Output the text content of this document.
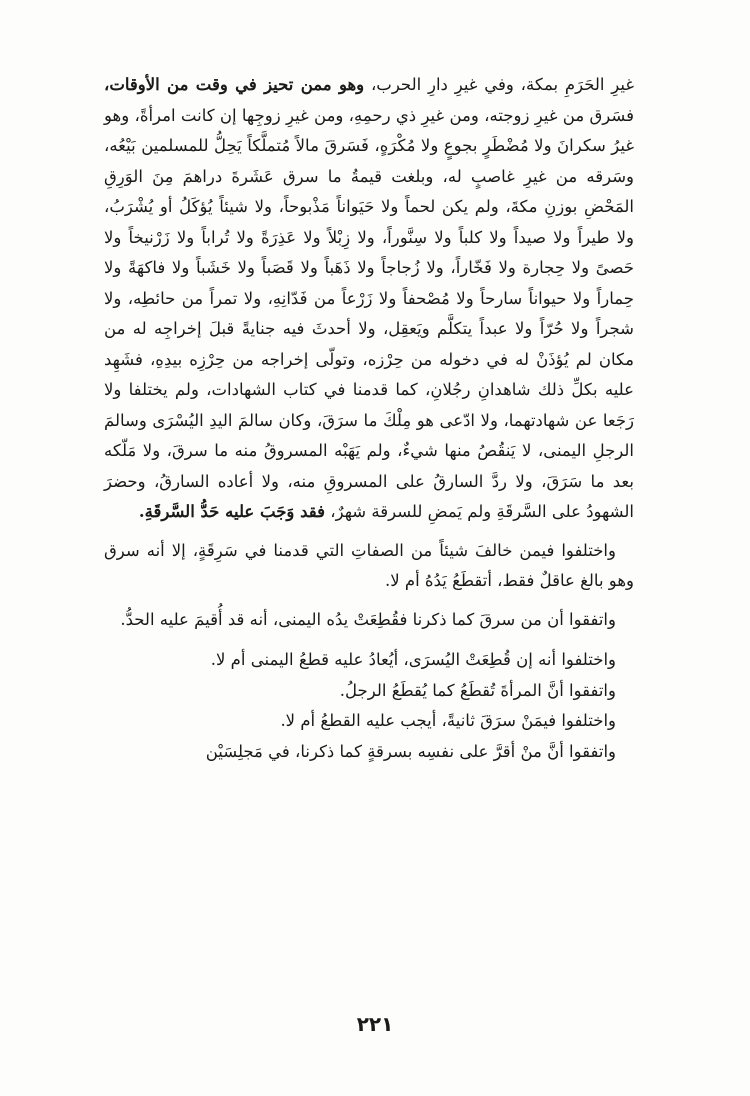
غيرِ الحَرَمِ بمكة، وفي غيرِ دارِ الحرب، وهو ممن تحيز في وقت من الأوقات، فسَرق من غيرِ زوجته، ومن غيرِ ذي رحمِهِ، ومن غيرِ زوجِها إن كانت امرأةً، وهو غيرُ سكرانَ ولا مُضْطَرٍ بجوعٍ ولا مُكْرَهٍ، فَسَرقَ مالاً مُتملَّكاً يَحِلُّ للمسلمين بَيْعُه، وسَرقه من غيرِ غاصبٍ له، وبلغت قيمةُ ما سرق عَشَرةَ دراهمَ مِنَ الوَرِقِ المَحْضِ بوزنِ مكةَ، ولم يكن لحماً ولا حَيَواناً مَذْبوحاً، ولا شيئاً يُؤكَلُ أو يُشْرَبُ، ولا طيراً ولا صيداً ولا كلباً ولا سِنَّوراً، ولا زِبْلاً ولا عَذِرَةً ولا تُراباً ولا زَرْنيخاً ولا حَصىً ولا حِجارة ولا فَخّاراً، ولا زُجاجاً ولا ذَهَباً ولا قَصَباً ولا خَشَباً ولا فاكهَةً ولا حِماراً ولا حيواناً سارحاً ولا مُصْحفاً ولا زَرْعاً من فَدّانِهِ، ولا تمراً من حائطِه، ولا شجراً ولا حُرّاً ولا عبداً يتكلَّم ويَعقِل، ولا أحدثَ فيه جنايةً قبلَ إخراجِه له من مكان لم يُؤذَنْ له في دخوله من حِرْزه، وتولّى إخراجه من حِرْزِه بيدِهِ، فشَهِد عليه بكلِّ ذلك شاهدانِ رجُلانِ، كما قدمنا في كتاب الشهادات، ولم يختلفا ولا رَجَعا عن شهادتهما، ولا ادّعى هو مِلْكَ ما سرَقَ، وكان سالمَ اليدِ اليُسْرَى وسالمَ الرجلِ اليمنى، لا يَنقُصُ منها شيءٌ، ولم يَهَبْه المسروقُ منه ما سرقَ، ولا مَلّكه بعد ما سَرَقَ، ولا ردَّ السارقُ على المسروقِ منه، ولا أعاده السارقُ، وحضرَ الشهودُ على السَّرقَةِ ولم يَمضِ للسرقة شهرٌ، فقد وَجَبَ عليه حَدُّ السَّرقَةِ.

واختلفوا فيمن خالفَ شيئاً من الصفاتِ التي قدمنا في سَرِقَةٍ، إلا أنه سرق وهو بالغ عاقلٌ فقط، أتقطَعُ يَدُهُ أم لا.

واتفقوا أن من سرقَ كما ذكرنا فقُطِعَتْ يدُه اليمنى، أنه قد أُقيمَ عليه الحدُّ.

واختلفوا أنه إن قُطِعَتْ اليُسرَى، أيُعادُ عليه قطعُ اليمنى أم لا.

واتفقوا أنَّ المرأةَ تُقطَعُ كما يُقطَعُ الرجلُ.

واختلفوا فيمَنْ سرَقَ ثانيةً، أيجب عليه القطعُ أم لا.

واتفقوا أنَّ منْ أقرَّ على نفسِه بسرقةٍ كما ذكرنا، في مَجلِسَيْن

٢٢١
